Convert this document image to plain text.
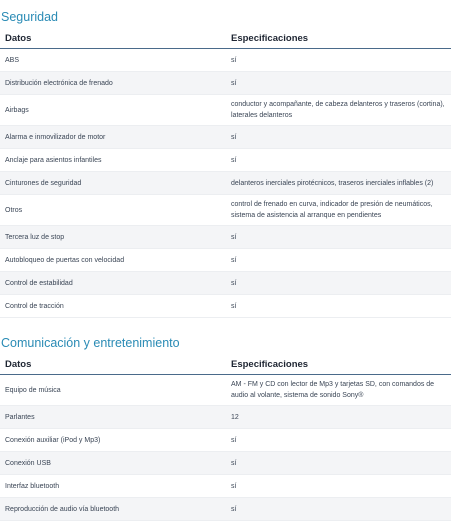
Seguridad
Datos	Especificaciones
ABS	sí
Distribución electrónica de frenado	sí
Airbags	conductor y acompañante, de cabeza delanteros y traseros (cortina), laterales delanteros
Alarma e inmovilizador de motor	sí
Anclaje para asientos infantiles	sí
Cinturones de seguridad	delanteros inerciales pirotécnicos, traseros inerciales inflables (2)
Otros	control de frenado en curva, indicador de presión de neumáticos, sistema de asistencia al arranque en pendientes
Tercera luz de stop	sí
Autobloqueo de puertas con velocidad	sí
Control de estabilidad	sí
Control de tracción	sí
Comunicación y entretenimiento
Datos	Especificaciones
Equipo de música	AM - FM y CD con lector de Mp3 y tarjetas SD, con comandos de audio al volante, sistema de sonido Sony®
Parlantes	12
Conexión auxiliar (iPod y Mp3)	sí
Conexión USB	sí
Interfaz bluetooth	sí
Reproducción de audio vía bluetooth	sí
